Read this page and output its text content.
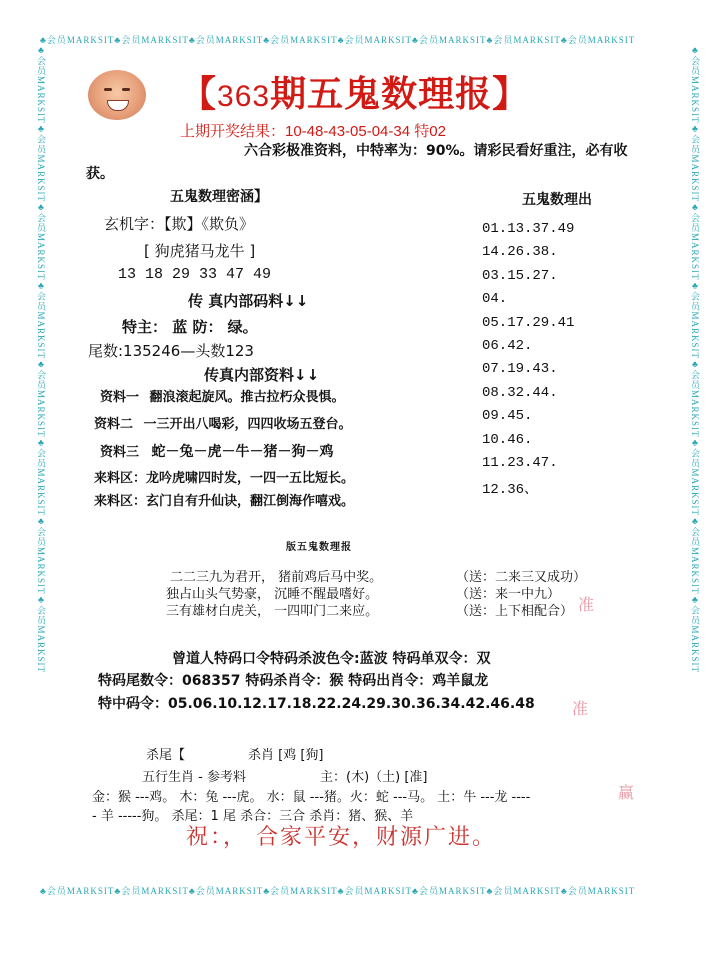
♣会员MARKSIT♣会员MARKSIT♣会员MARKSIT♣会员MARKSIT♣会员MARKSIT♣会员MARKSIT♣会员MARKSIT♣会员MARKSIT
♣会员MARKSIT♣会员MARKSIT♣会员MARKSIT♣会员MARKSIT♣会员MARKSIT♣会员MARKSIT♣会员MARKSIT♣会员MARKSIT
♣会员MARKSIT♣会员MARKSIT♣会员MARKSIT♣会员MARKSIT♣会员MARKSIT♣会员MARKSIT♣会员MARKSIT♣会员MARKSIT	♣会员MARKSIT♣会员MARKSIT♣会员MARKSIT♣会员MARKSIT♣会员MARKSIT♣会员MARKSIT♣会员MARKSIT♣会员MARKSIT
【363期五鬼数理报】
上期开奖结果：10-48-43-05-04-34 特02
六合彩极准资料，中特率为：90%。请彩民看好重注，必有收
获。
五鬼数理密涵】
玄机字：【欺】《欺负》
[ 狗虎猪马龙牛 ]
13 18 29 33 47 49
传 真内部码料↓↓
特主： 蓝 防： 绿。
尾数:135246—头数123
传真内部资料↓↓
资料一 翻浪滚起旋风。推古拉朽众畏惧。
资料二 一三开出八喝彩，四四收场五登台。
资料三 蛇－兔－虎－牛－猪－狗－鸡
来料区：龙吟虎啸四时发，一四一五比短长。
来料区：玄门自有升仙诀，翻江倒海作嘻戏。
五鬼数理出
01.13.37.49
14.26.38.
03.15.27.
04.
05.17.29.41
06.42.
07.19.43.
08.32.44.
09.45.
10.46.
11.23.47.
12.36、
版五鬼数理报
二二三九为君开， 猪前鸡后马中奖。	（送：二来三又成功）
独占山头气势豪， 沉睡不醒最嗜好。	（送：来一中九）
三有雄材白虎关， 一四叩门二来应。	（送：上下相配合）
曾道人特码口令特码杀波色令:蓝波 特码单双令：双
特码尾数令：068357 特码杀肖令：猴 特码出肖令：鸡羊鼠龙
特中码令：05.06.10.12.17.18.22.24.29.30.36.34.42.46.48
杀尾【	杀肖 [鸡 [狗]
五行生肖 - 参考料	主：(木)（土) [准]
金：猴 ---鸡。 木：兔 ---虎。 水：鼠 ---猪。火：蛇 ---马。 土：牛 ---龙 ----
- 羊 -----狗。 杀尾：1 尾 杀合：三合 杀肖：猪、猴、羊
祝：， 合家平安，财源广进。
准
赢
准
